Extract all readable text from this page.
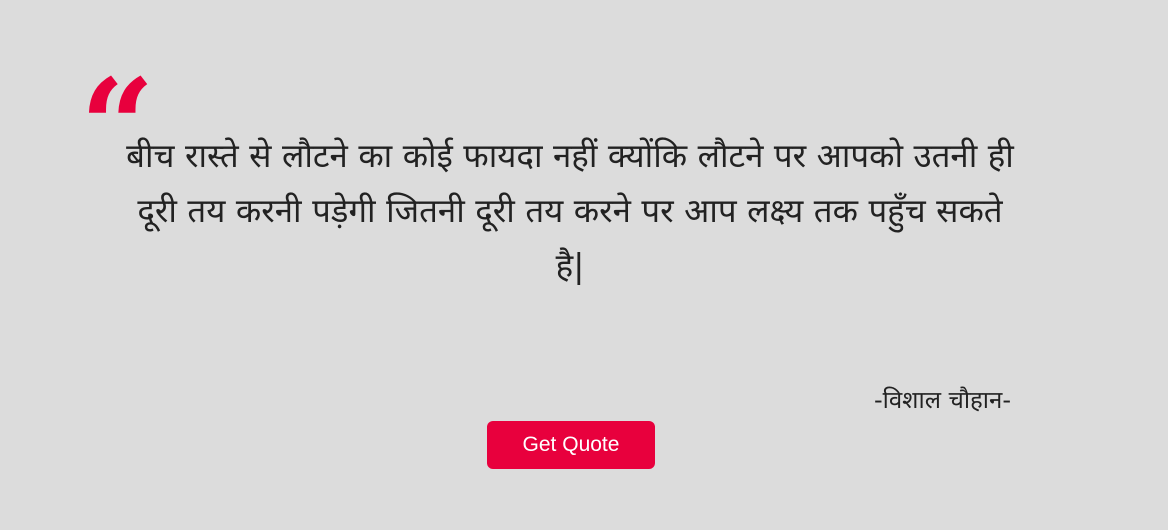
“
बीच रास्ते से लौटने का कोई फायदा नहीं क्योंकि लौटने पर आपको उतनी ही दूरी तय करनी पड़ेगी जितनी दूरी तय करने पर आप लक्ष्य तक पहुँच सकते है|
-विशाल चौहान-
Get Quote
